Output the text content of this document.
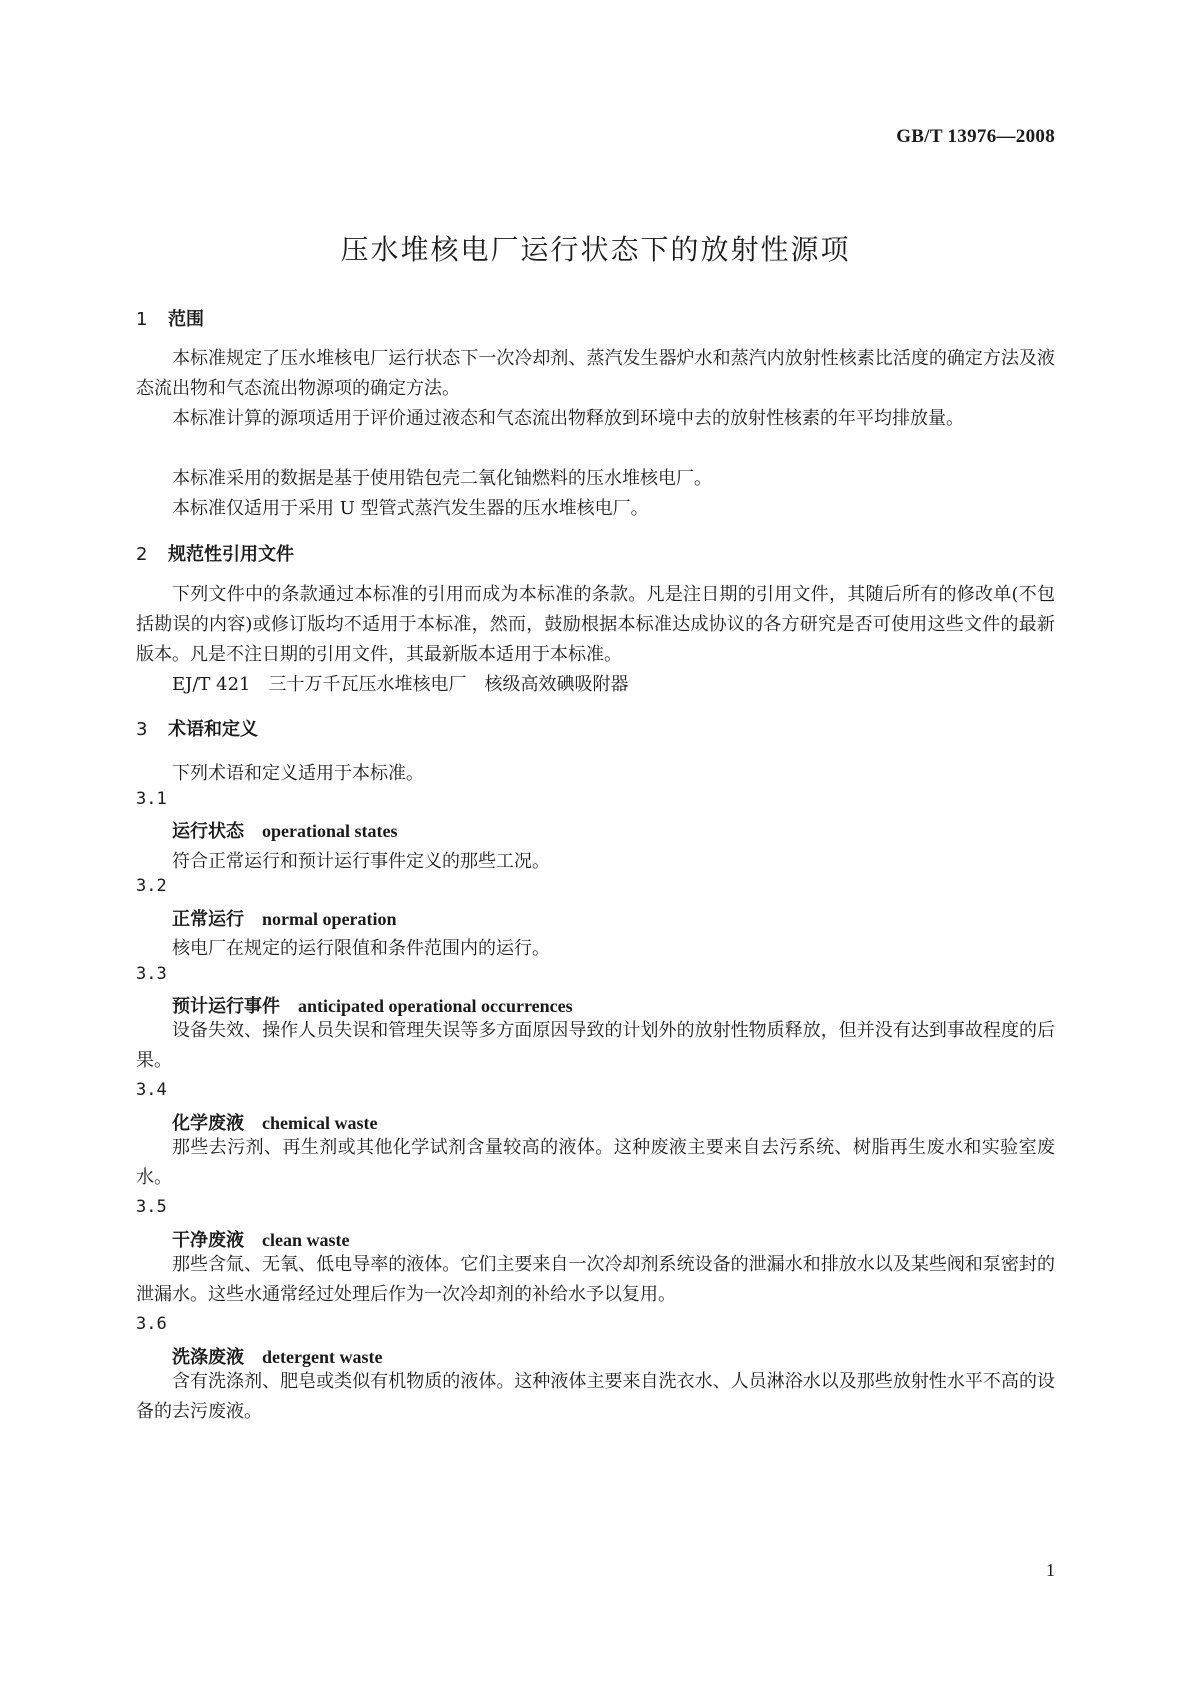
GB/T 13976—2008
压水堆核电厂运行状态下的放射性源项
1 范围
本标准规定了压水堆核电厂运行状态下一次冷却剂、蒸汽发生器炉水和蒸汽内放射性核素比活度的确定方法及液态流出物和气态流出物源项的确定方法。
本标准计算的源项适用于评价通过液态和气态流出物释放到环境中去的放射性核素的年平均排放量。
本标准采用的数据是基于使用锆包壳二氧化铀燃料的压水堆核电厂。
本标准仅适用于采用 U 型管式蒸汽发生器的压水堆核电厂。
2 规范性引用文件
下列文件中的条款通过本标准的引用而成为本标准的条款。凡是注日期的引用文件，其随后所有的修改单(不包括勘误的内容)或修订版均不适用于本标准，然而，鼓励根据本标准达成协议的各方研究是否可使用这些文件的最新版本。凡是不注日期的引用文件，其最新版本适用于本标准。
EJ/T 421　三十万千瓦压水堆核电厂　核级高效碘吸附器
3 术语和定义
下列术语和定义适用于本标准。
3.1
运行状态 operational states
符合正常运行和预计运行事件定义的那些工况。
3.2
正常运行 normal operation
核电厂在规定的运行限值和条件范围内的运行。
3.3
预计运行事件 anticipated operational occurrences
设备失效、操作人员失误和管理失误等多方面原因导致的计划外的放射性物质释放，但并没有达到事故程度的后果。
3.4
化学废液 chemical waste
那些去污剂、再生剂或其他化学试剂含量较高的液体。这种废液主要来自去污系统、树脂再生废水和实验室废水。
3.5
干净废液 clean waste
那些含氚、无氧、低电导率的液体。它们主要来自一次冷却剂系统设备的泄漏水和排放水以及某些阀和泵密封的泄漏水。这些水通常经过处理后作为一次冷却剂的补给水予以复用。
3.6
洗涤废液 detergent waste
含有洗涤剂、肥皂或类似有机物质的液体。这种液体主要来自洗衣水、人员淋浴水以及那些放射性水平不高的设备的去污废液。
1
